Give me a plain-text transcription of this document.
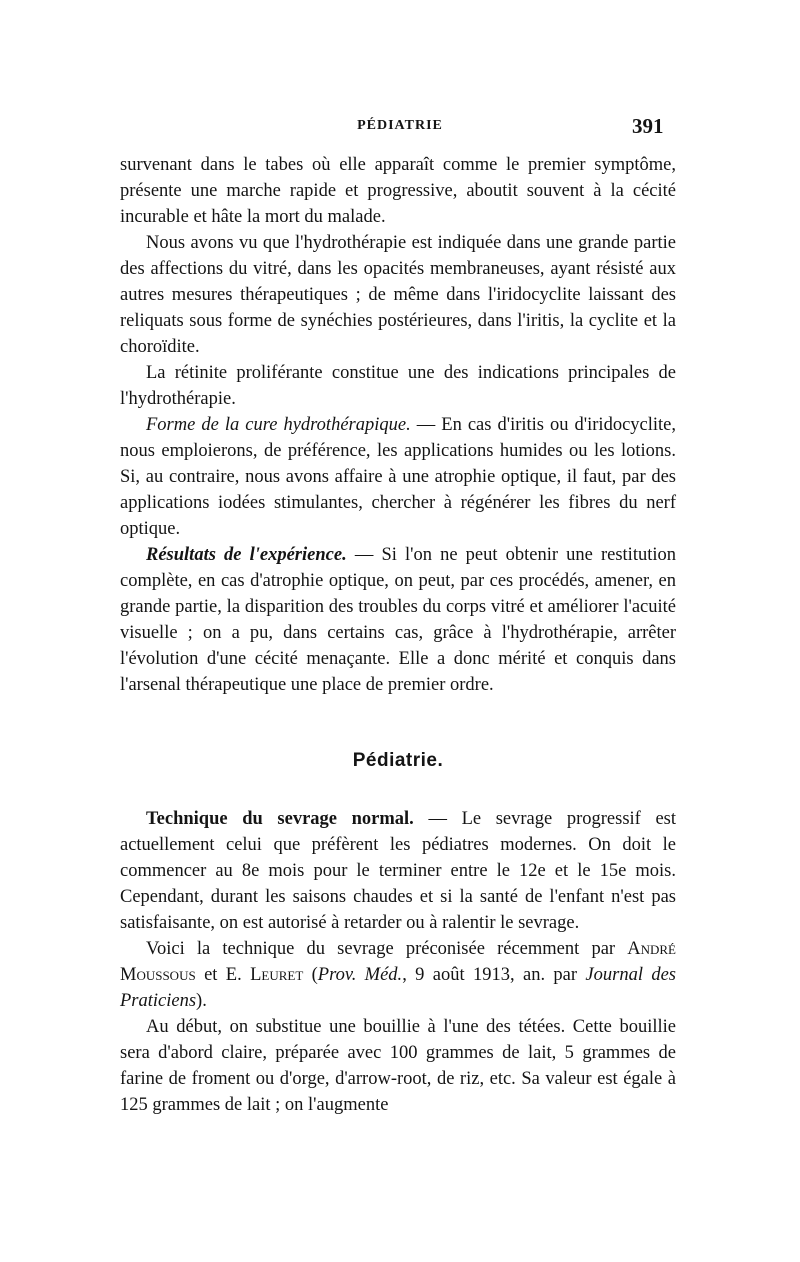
PÉDIATRIE	391

survenant dans le tabes où elle apparaît comme le premier symptôme, présente une marche rapide et progressive, aboutit souvent à la cécité incurable et hâte la mort du malade.

Nous avons vu que l'hydrothérapie est indiquée dans une grande partie des affections du vitré, dans les opacités membraneuses, ayant résisté aux autres mesures thérapeutiques ; de même dans l'iridocyclite laissant des reliquats sous forme de synéchies postérieures, dans l'iritis, la cyclite et la choroïdite.

La rétinite proliférante constitue une des indications principales de l'hydrothérapie.

Forme de la cure hydrothérapique. — En cas d'iritis ou d'iridocyclite, nous emploierons, de préférence, les applications humides ou les lotions. Si, au contraire, nous avons affaire à une atrophie optique, il faut, par des applications iodées stimulantes, chercher à régénérer les fibres du nerf optique.

Résultats de l'expérience. — Si l'on ne peut obtenir une restitution complète, en cas d'atrophie optique, on peut, par ces procédés, amener, en grande partie, la disparition des troubles du corps vitré et améliorer l'acuité visuelle ; on a pu, dans certains cas, grâce à l'hydrothérapie, arrêter l'évolution d'une cécité menaçante. Elle a donc mérité et conquis dans l'arsenal thérapeutique une place de premier ordre.

Pédiatrie.

Technique du sevrage normal. — Le sevrage progressif est actuellement celui que préfèrent les pédiatres modernes. On doit le commencer au 8e mois pour le terminer entre le 12e et le 15e mois. Cependant, durant les saisons chaudes et si la santé de l'enfant n'est pas satisfaisante, on est autorisé à retarder ou à ralentir le sevrage.

Voici la technique du sevrage préconisée récemment par André Moussous et E. Leuret (Prov. Méd., 9 août 1913, an. par Journal des Praticiens).

Au début, on substitue une bouillie à l'une des tétées. Cette bouillie sera d'abord claire, préparée avec 100 grammes de lait, 5 grammes de farine de froment ou d'orge, d'arrow-root, de riz, etc. Sa valeur est égale à 125 grammes de lait ; on l'augmente
